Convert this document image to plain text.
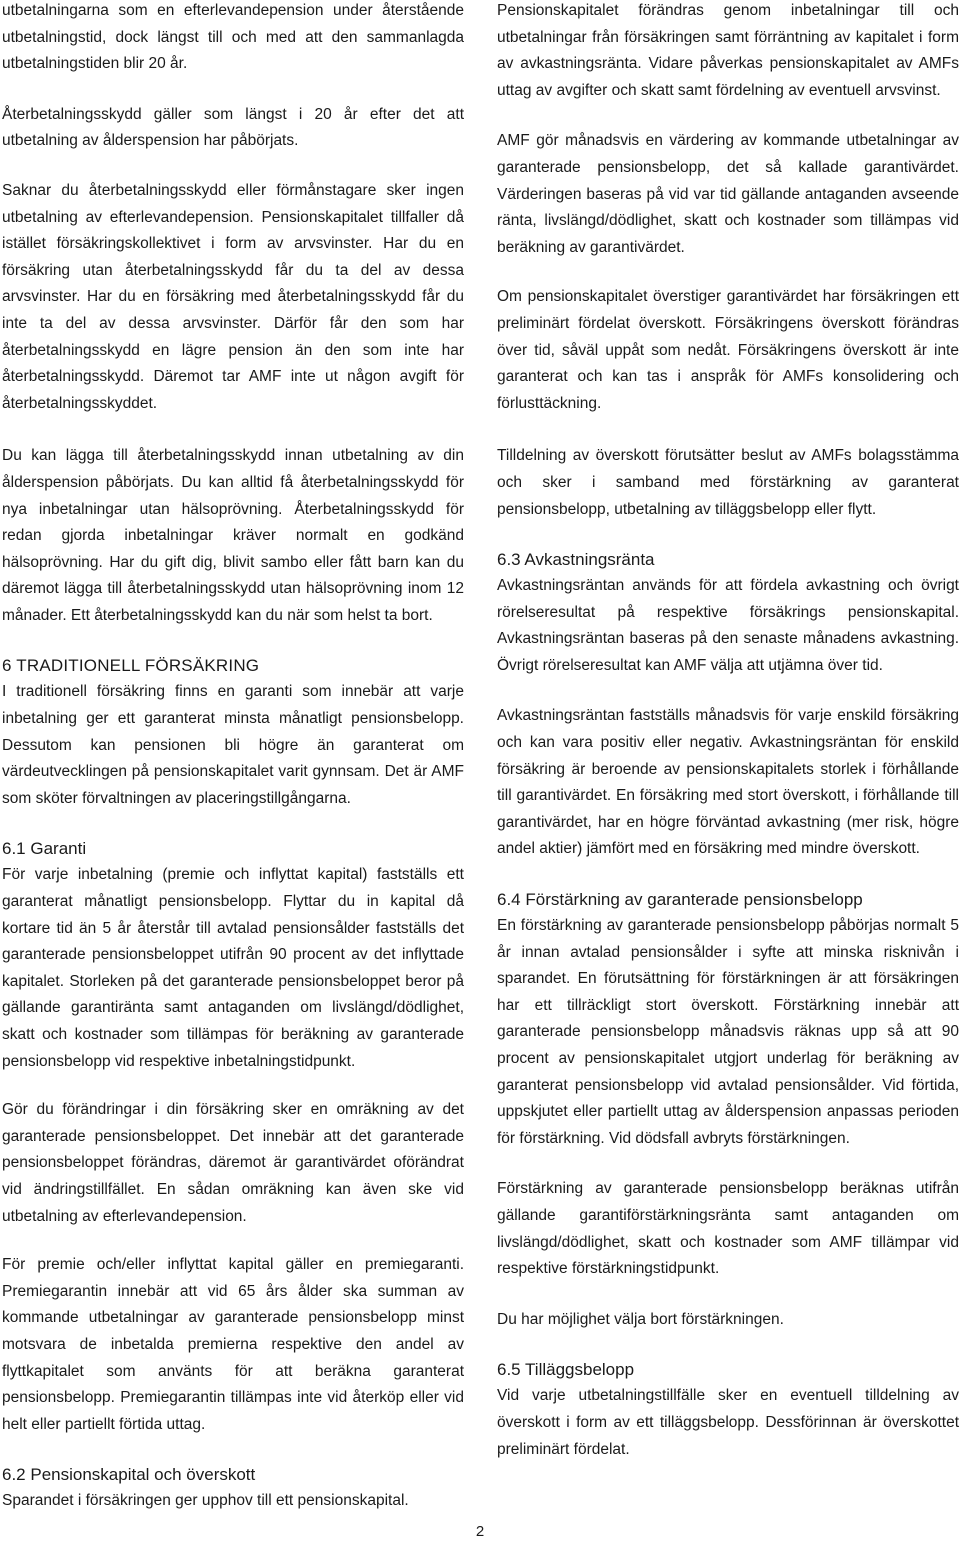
utbetalningarna som en efterlevandepension under återstående utbetalningstid, dock längst till och med att den sammanlagda utbetalningstiden blir 20 år.

Återbetalningsskydd gäller som längst i 20 år efter det att utbetalning av ålderspension har påbörjats.

Saknar du återbetalningsskydd eller förmånstagare sker ingen utbetalning av efterlevandepension. Pensionskapitalet tillfaller då istället försäkringskollektivet i form av arvsvinster. Har du en försäkring utan återbetalningsskydd får du ta del av dessa arvsvinster. Har du en försäkring med återbetalningsskydd får du inte ta del av dessa arvsvinster. Därför får den som har återbetalningsskydd en lägre pension än den som inte har återbetalningsskydd. Däremot tar AMF inte ut någon avgift för återbetalningsskyddet.

Du kan lägga till återbetalningsskydd innan utbetalning av din ålderspension påbörjats. Du kan alltid få återbetalningsskydd för nya inbetalningar utan hälsoprövning. Återbetalningsskydd för redan gjorda inbetalningar kräver normalt en godkänd hälsoprövning. Har du gift dig, blivit sambo eller fått barn kan du däremot lägga till återbetalningsskydd utan hälsoprövning inom 12 månader. Ett återbetalningsskydd kan du när som helst ta bort.

6 TRADITIONELL FÖRSÄKRING

I traditionell försäkring finns en garanti som innebär att varje inbetalning ger ett garanterat minsta månatligt pensionsbelopp. Dessutom kan pensionen bli högre än garanterat om värdeutvecklingen på pensionskapitalet varit gynnsam. Det är AMF som sköter förvaltningen av placeringstillgångarna.

6.1 Garanti

För varje inbetalning (premie och inflyttat kapital) fastställs ett garanterat månatligt pensionsbelopp. Flyttar du in kapital då kortare tid än 5 år återstår till avtalad pensionsålder fastställs det garanterade pensionsbeloppet utifrån 90 procent av det inflyttade kapitalet. Storleken på det garanterade pensionsbeloppet beror på gällande garantiränta samt antaganden om livslängd/dödlighet, skatt och kostnader som tillämpas för beräkning av garanterade pensionsbelopp vid respektive inbetalningstidpunkt.

Gör du förändringar i din försäkring sker en omräkning av det garanterade pensionsbeloppet. Det innebär att det garanterade pensionsbeloppet förändras, däremot är garantivärdet oförändrat vid ändringstillfället. En sådan omräkning kan även ske vid utbetalning av efterlevandepension.

För premie och/eller inflyttat kapital gäller en premiegaranti. Premiegarantin innebär att vid 65 års ålder ska summan av kommande utbetalningar av garanterade pensionsbelopp minst motsvara de inbetalda premierna respektive den andel av flyttkapitalet som använts för att beräkna garanterat pensionsbelopp. Premiegarantin tillämpas inte vid återköp eller vid helt eller partiellt förtida uttag.

6.2 Pensionskapital och överskott

Sparandet i försäkringen ger upphov till ett pensionskapital.

Pensionskapitalet förändras genom inbetalningar till och utbetalningar från försäkringen samt förräntning av kapitalet i form av avkastningsränta. Vidare påverkas pensionskapitalet av AMFs uttag av avgifter och skatt samt fördelning av eventuell arvsvinst.

AMF gör månadsvis en värdering av kommande utbetalningar av garanterade pensionsbelopp, det så kallade garantivärdet. Värderingen baseras på vid var tid gällande antaganden avseende ränta, livslängd/dödlighet, skatt och kostnader som tillämpas vid beräkning av garantivärdet.

Om pensionskapitalet överstiger garantivärdet har försäkringen ett preliminärt fördelat överskott. Försäkringens överskott förändras över tid, såväl uppåt som nedåt. Försäkringens överskott är inte garanterat och kan tas i anspråk för AMFs konsolidering och förlusttäckning.

Tilldelning av överskott förutsätter beslut av AMFs bolagsstämma och sker i samband med förstärkning av garanterat pensionsbelopp, utbetalning av tilläggsbelopp eller flytt.

6.3 Avkastningsränta

Avkastningsräntan används för att fördela avkastning och övrigt rörelseresultat på respektive försäkrings pensionskapital. Avkastningsräntan baseras på den senaste månadens avkastning. Övrigt rörelseresultat kan AMF välja att utjämna över tid.

Avkastningsräntan fastställs månadsvis för varje enskild försäkring och kan vara positiv eller negativ. Avkastningsräntan för enskild försäkring är beroende av pensionskapitalets storlek i förhållande till garantivärdet. En försäkring med stort överskott, i förhållande till garantivärdet, har en högre förväntad avkastning (mer risk, högre andel aktier) jämfört med en försäkring med mindre överskott.

6.4 Förstärkning av garanterade pensionsbelopp

En förstärkning av garanterade pensionsbelopp påbörjas normalt 5 år innan avtalad pensionsålder i syfte att minska risknivån i sparandet. En förutsättning för förstärkningen är att försäkringen har ett tillräckligt stort överskott. Förstärkning innebär att garanterade pensionsbelopp månadsvis räknas upp så att 90 procent av pensionskapitalet utgjort underlag för beräkning av garanterat pensionsbelopp vid avtalad pensionsålder. Vid förtida, uppskjutet eller partiellt uttag av ålderspension anpassas perioden för förstärkning. Vid dödsfall avbryts förstärkningen.

Förstärkning av garanterade pensionsbelopp beräknas utifrån gällande garantiförstärkningsränta samt antaganden om livslängd/dödlighet, skatt och kostnader som AMF tillämpar vid respektive förstärkningstidpunkt.

Du har möjlighet välja bort förstärkningen.

6.5 Tilläggsbelopp

Vid varje utbetalningstillfälle sker en eventuell tilldelning av överskott i form av ett tilläggsbelopp. Dessförinnan är överskottet preliminärt fördelat.

2
